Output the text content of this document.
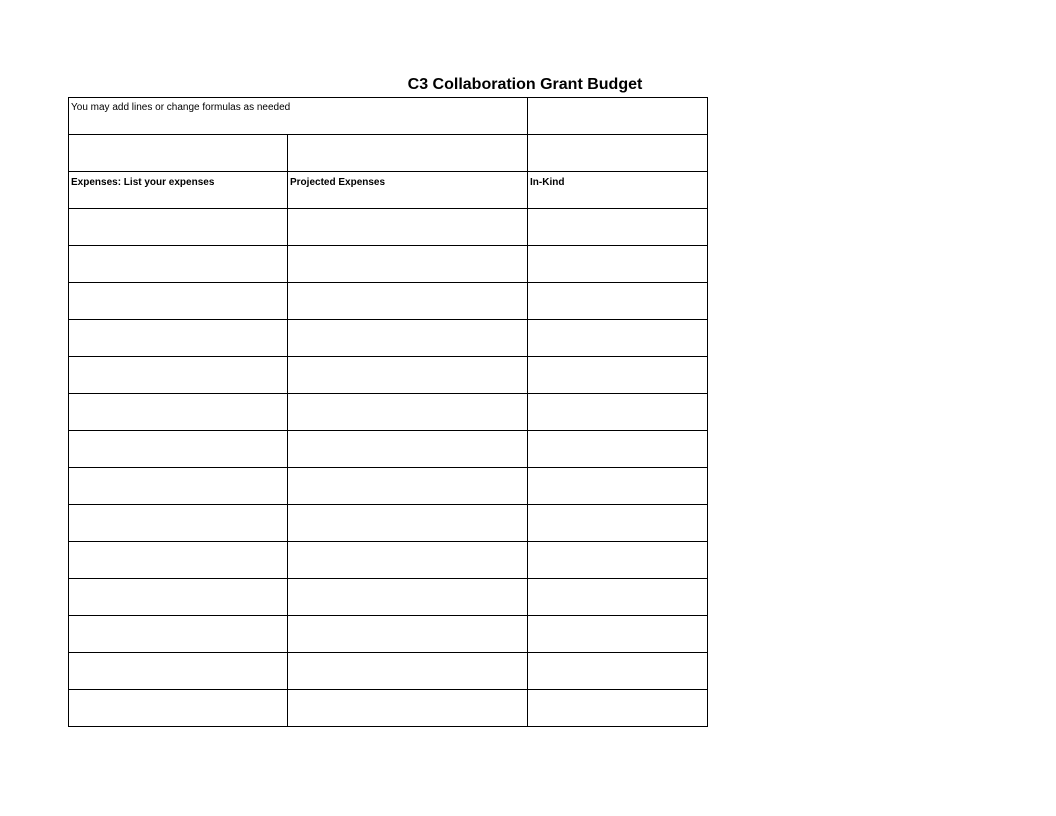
C3 Collaboration Grant Budget
You may add lines or change formulas as needed		

Expenses: List your expenses	Projected Expenses	In-Kind
